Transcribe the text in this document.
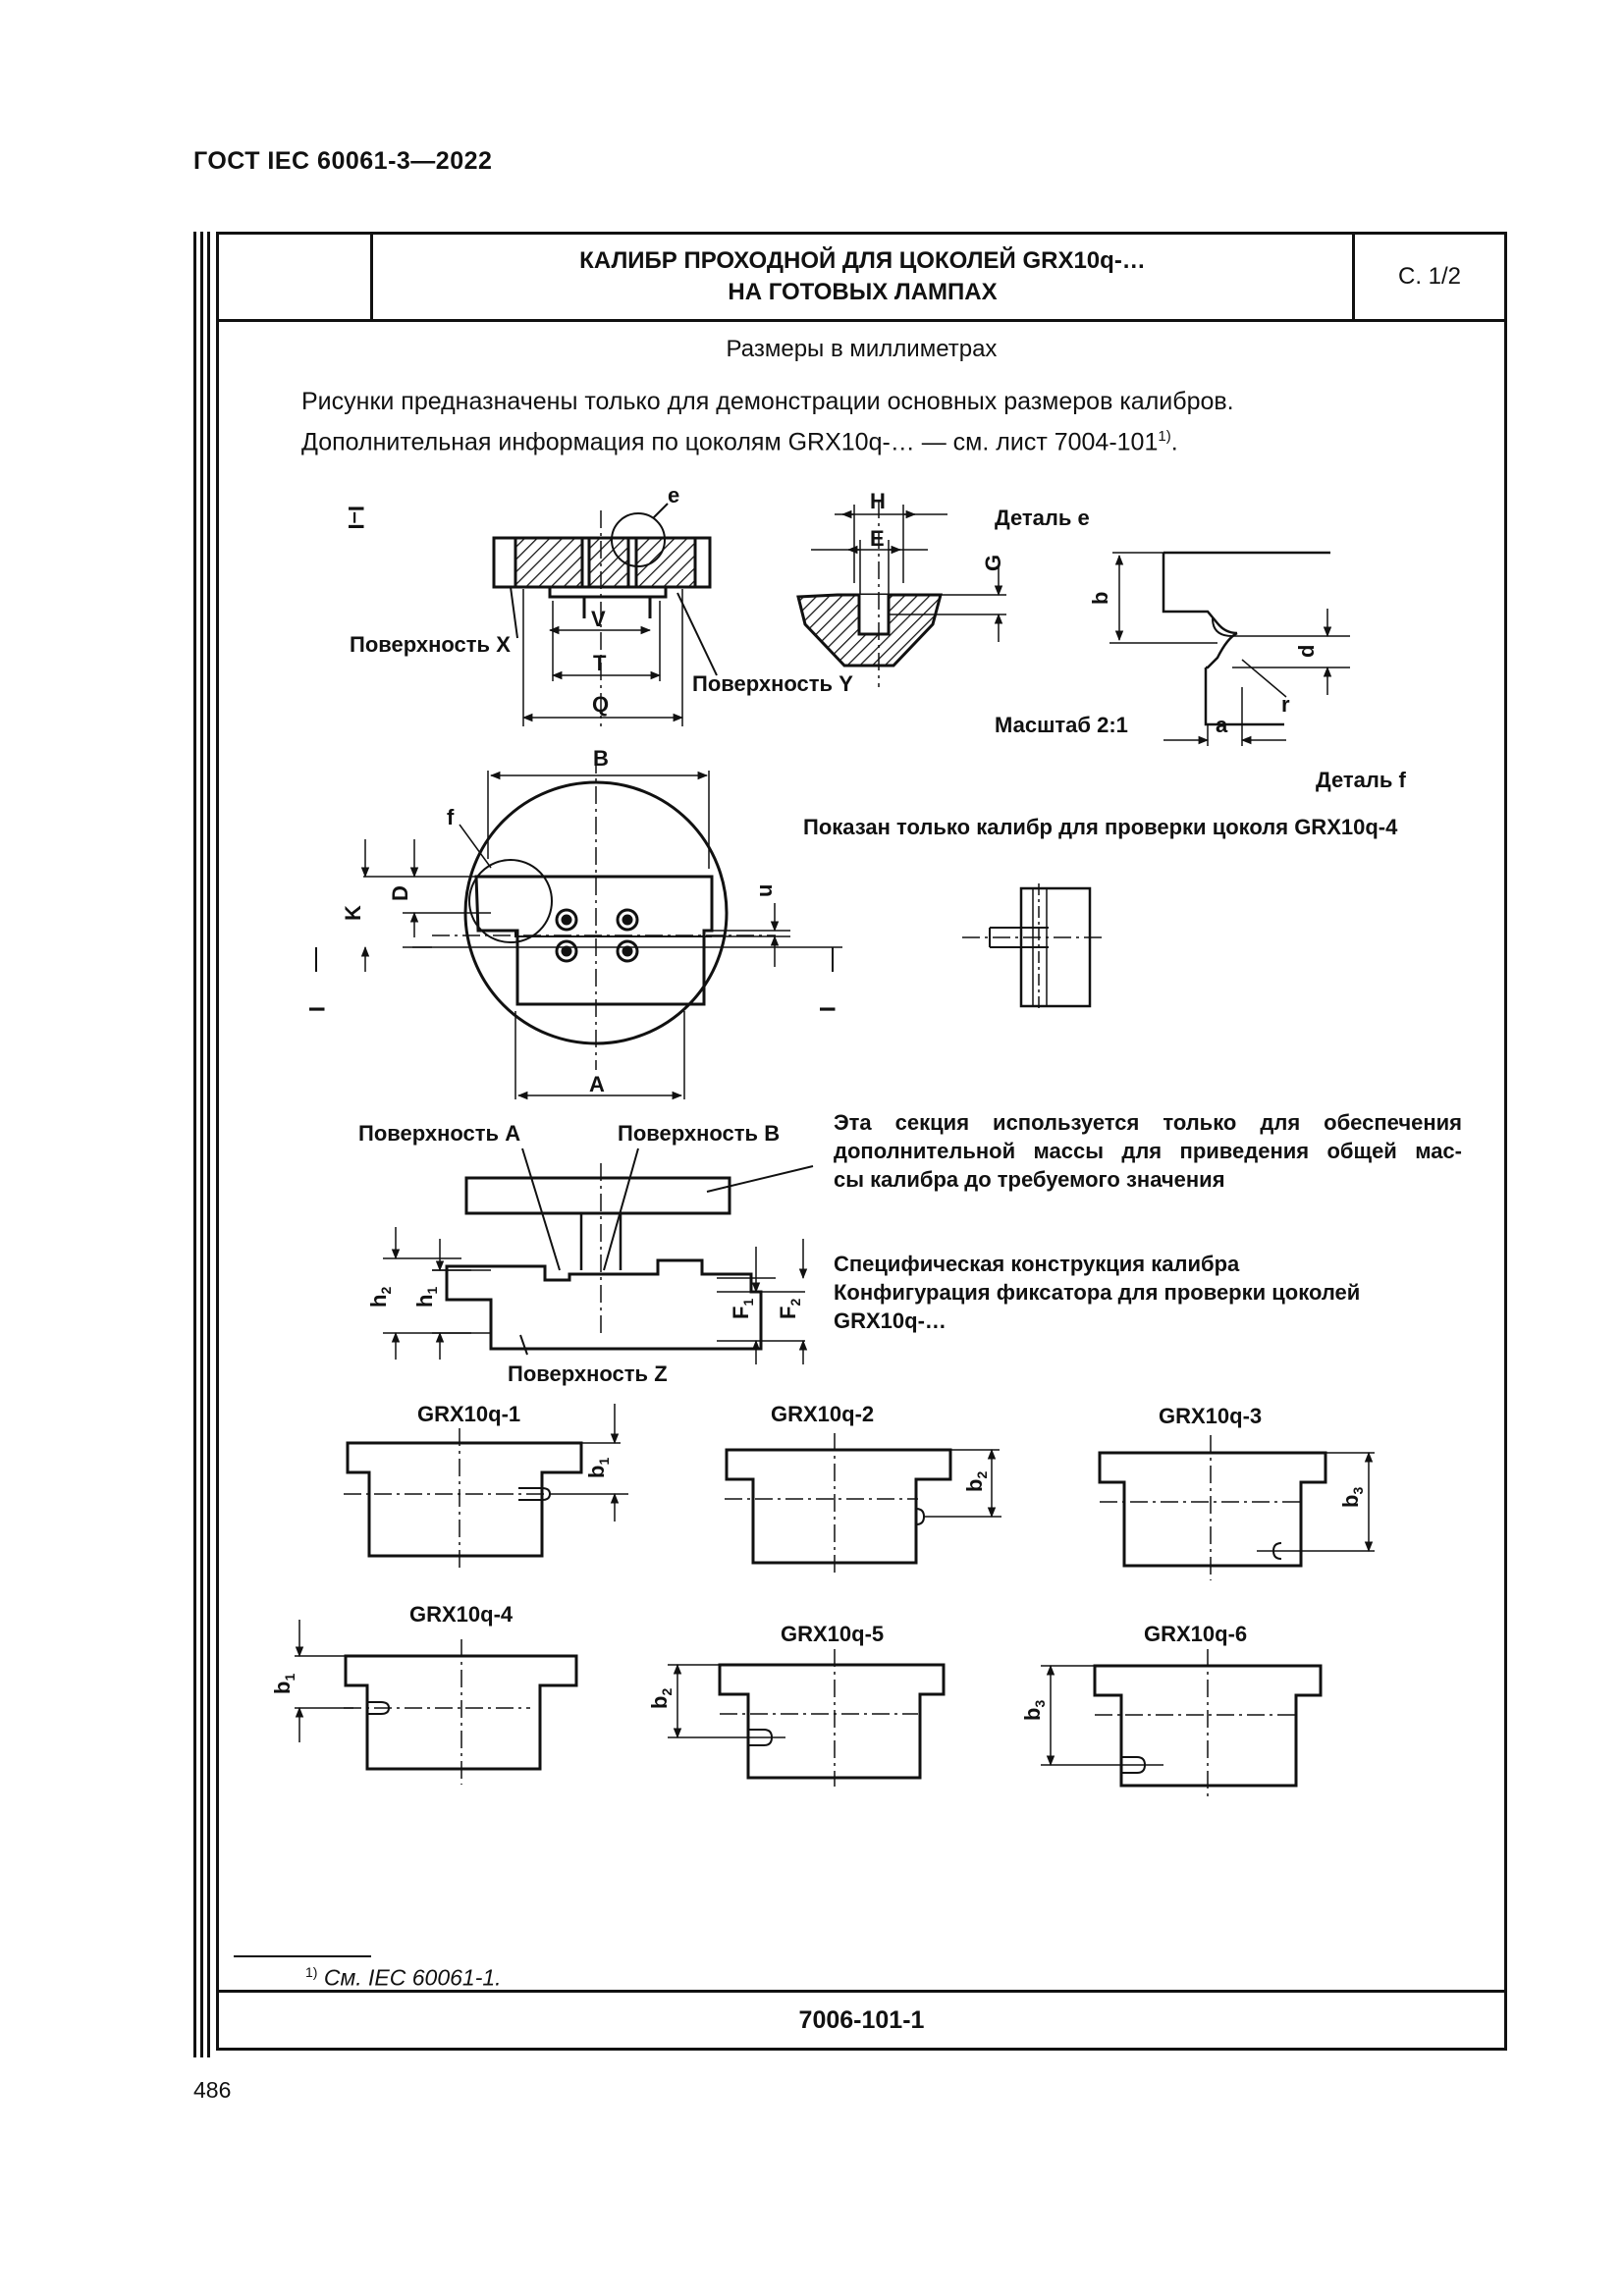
ГОСТ IEC 60061-3—2022
КАЛИБР ПРОХОДНОЙ ДЛЯ ЦОКОЛЕЙ GRX10q-…
НА ГОТОВЫХ ЛАМПАХ
С. 1/2
Размеры в миллиметрах
Рисунки предназначены только для демонстрации основных размеров калибров.
Дополнительная информация по цоколям GRX10q-… — см. лист 7004-101$^{1)}$.
Эта секция используется только для обеспечения
дополнительной массы для приведения общей мас-
сы калибра до требуемого значения
Специфическая конструкция калибра
Конфигурация фиксатора для проверки цоколей
GRX10q-…
$^{1)}$ См. IEC 60061-1.
7006-101-1
486
I–I
e
V
T
Q
Поверхность X
Поверхность Y
H
E
G
Деталь e
b
d
r
a
Масштаб 2:1
Деталь f
f
B
A
K
D	u
I	I
Показан только калибр для проверки цоколя GRX10q-4
Поверхность A	Поверхность B
$h_2$
$h_1$
$F_1$
$F_2$
Поверхность Z
GRX10q-1
$b_1$
GRX10q-2
$b_2$
GRX10q-3
$b_3$
GRX10q-4
$b_1$
GRX10q-5
$b_2$
GRX10q-6
$b_3$
